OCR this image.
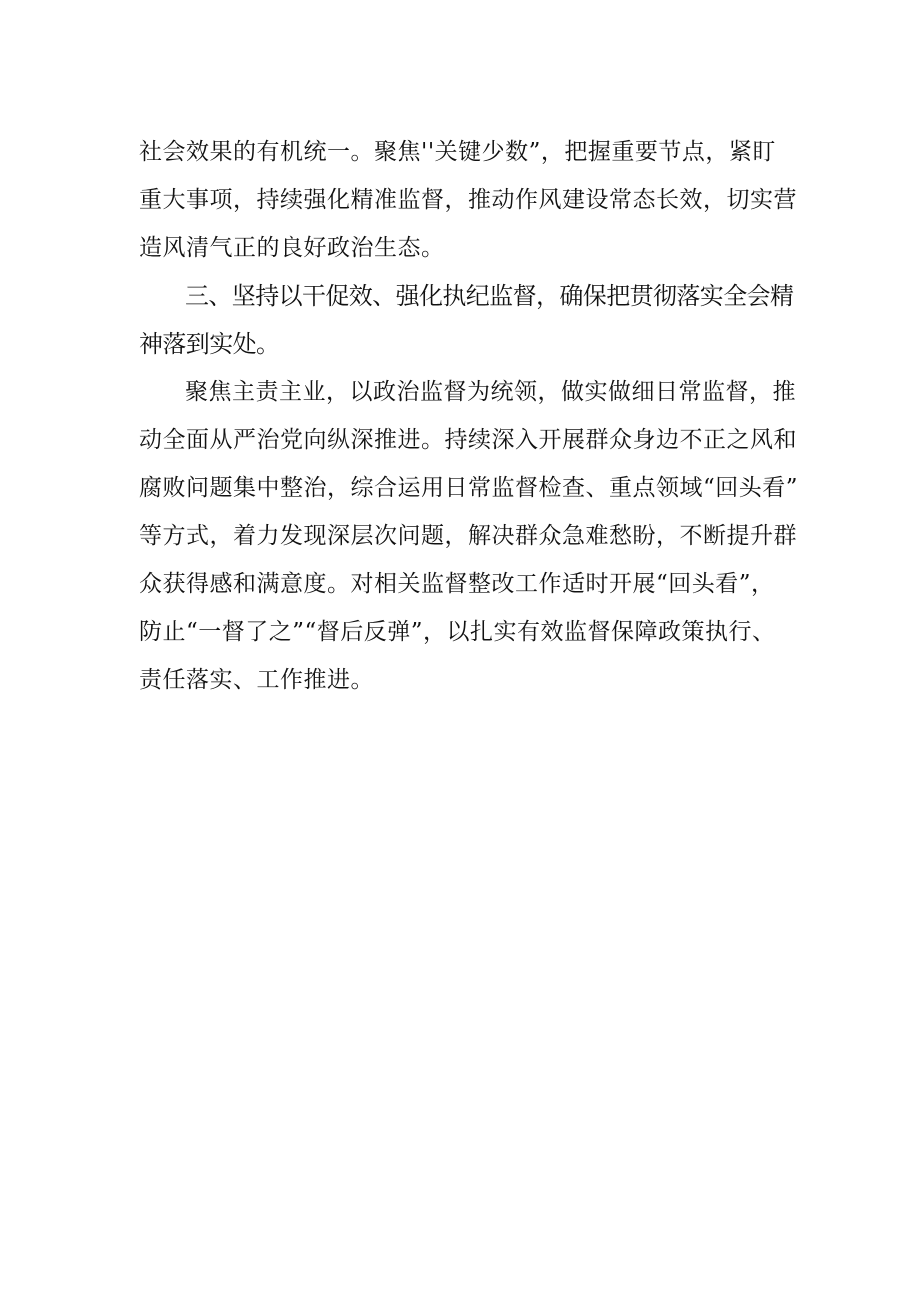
社会效果的有机统一。聚焦''关键少数”，把握重要节点，紧盯
重大事项，持续强化精准监督，推动作风建设常态长效，切实营
造风清气正的良好政治生态。
三、坚持以干促效、强化执纪监督，确保把贯彻落实全会精
神落到实处。
聚焦主责主业，以政治监督为统领，做实做细日常监督，推
动全面从严治党向纵深推进。持续深入开展群众身边不正之风和
腐败问题集中整治，综合运用日常监督检查、重点领域“回头看”
等方式，着力发现深层次问题，解决群众急难愁盼，不断提升群
众获得感和满意度。对相关监督整改工作适时开展“回头看”，
防止“一督了之”“督后反弹”，以扎实有效监督保障政策执行、
责任落实、工作推进。
